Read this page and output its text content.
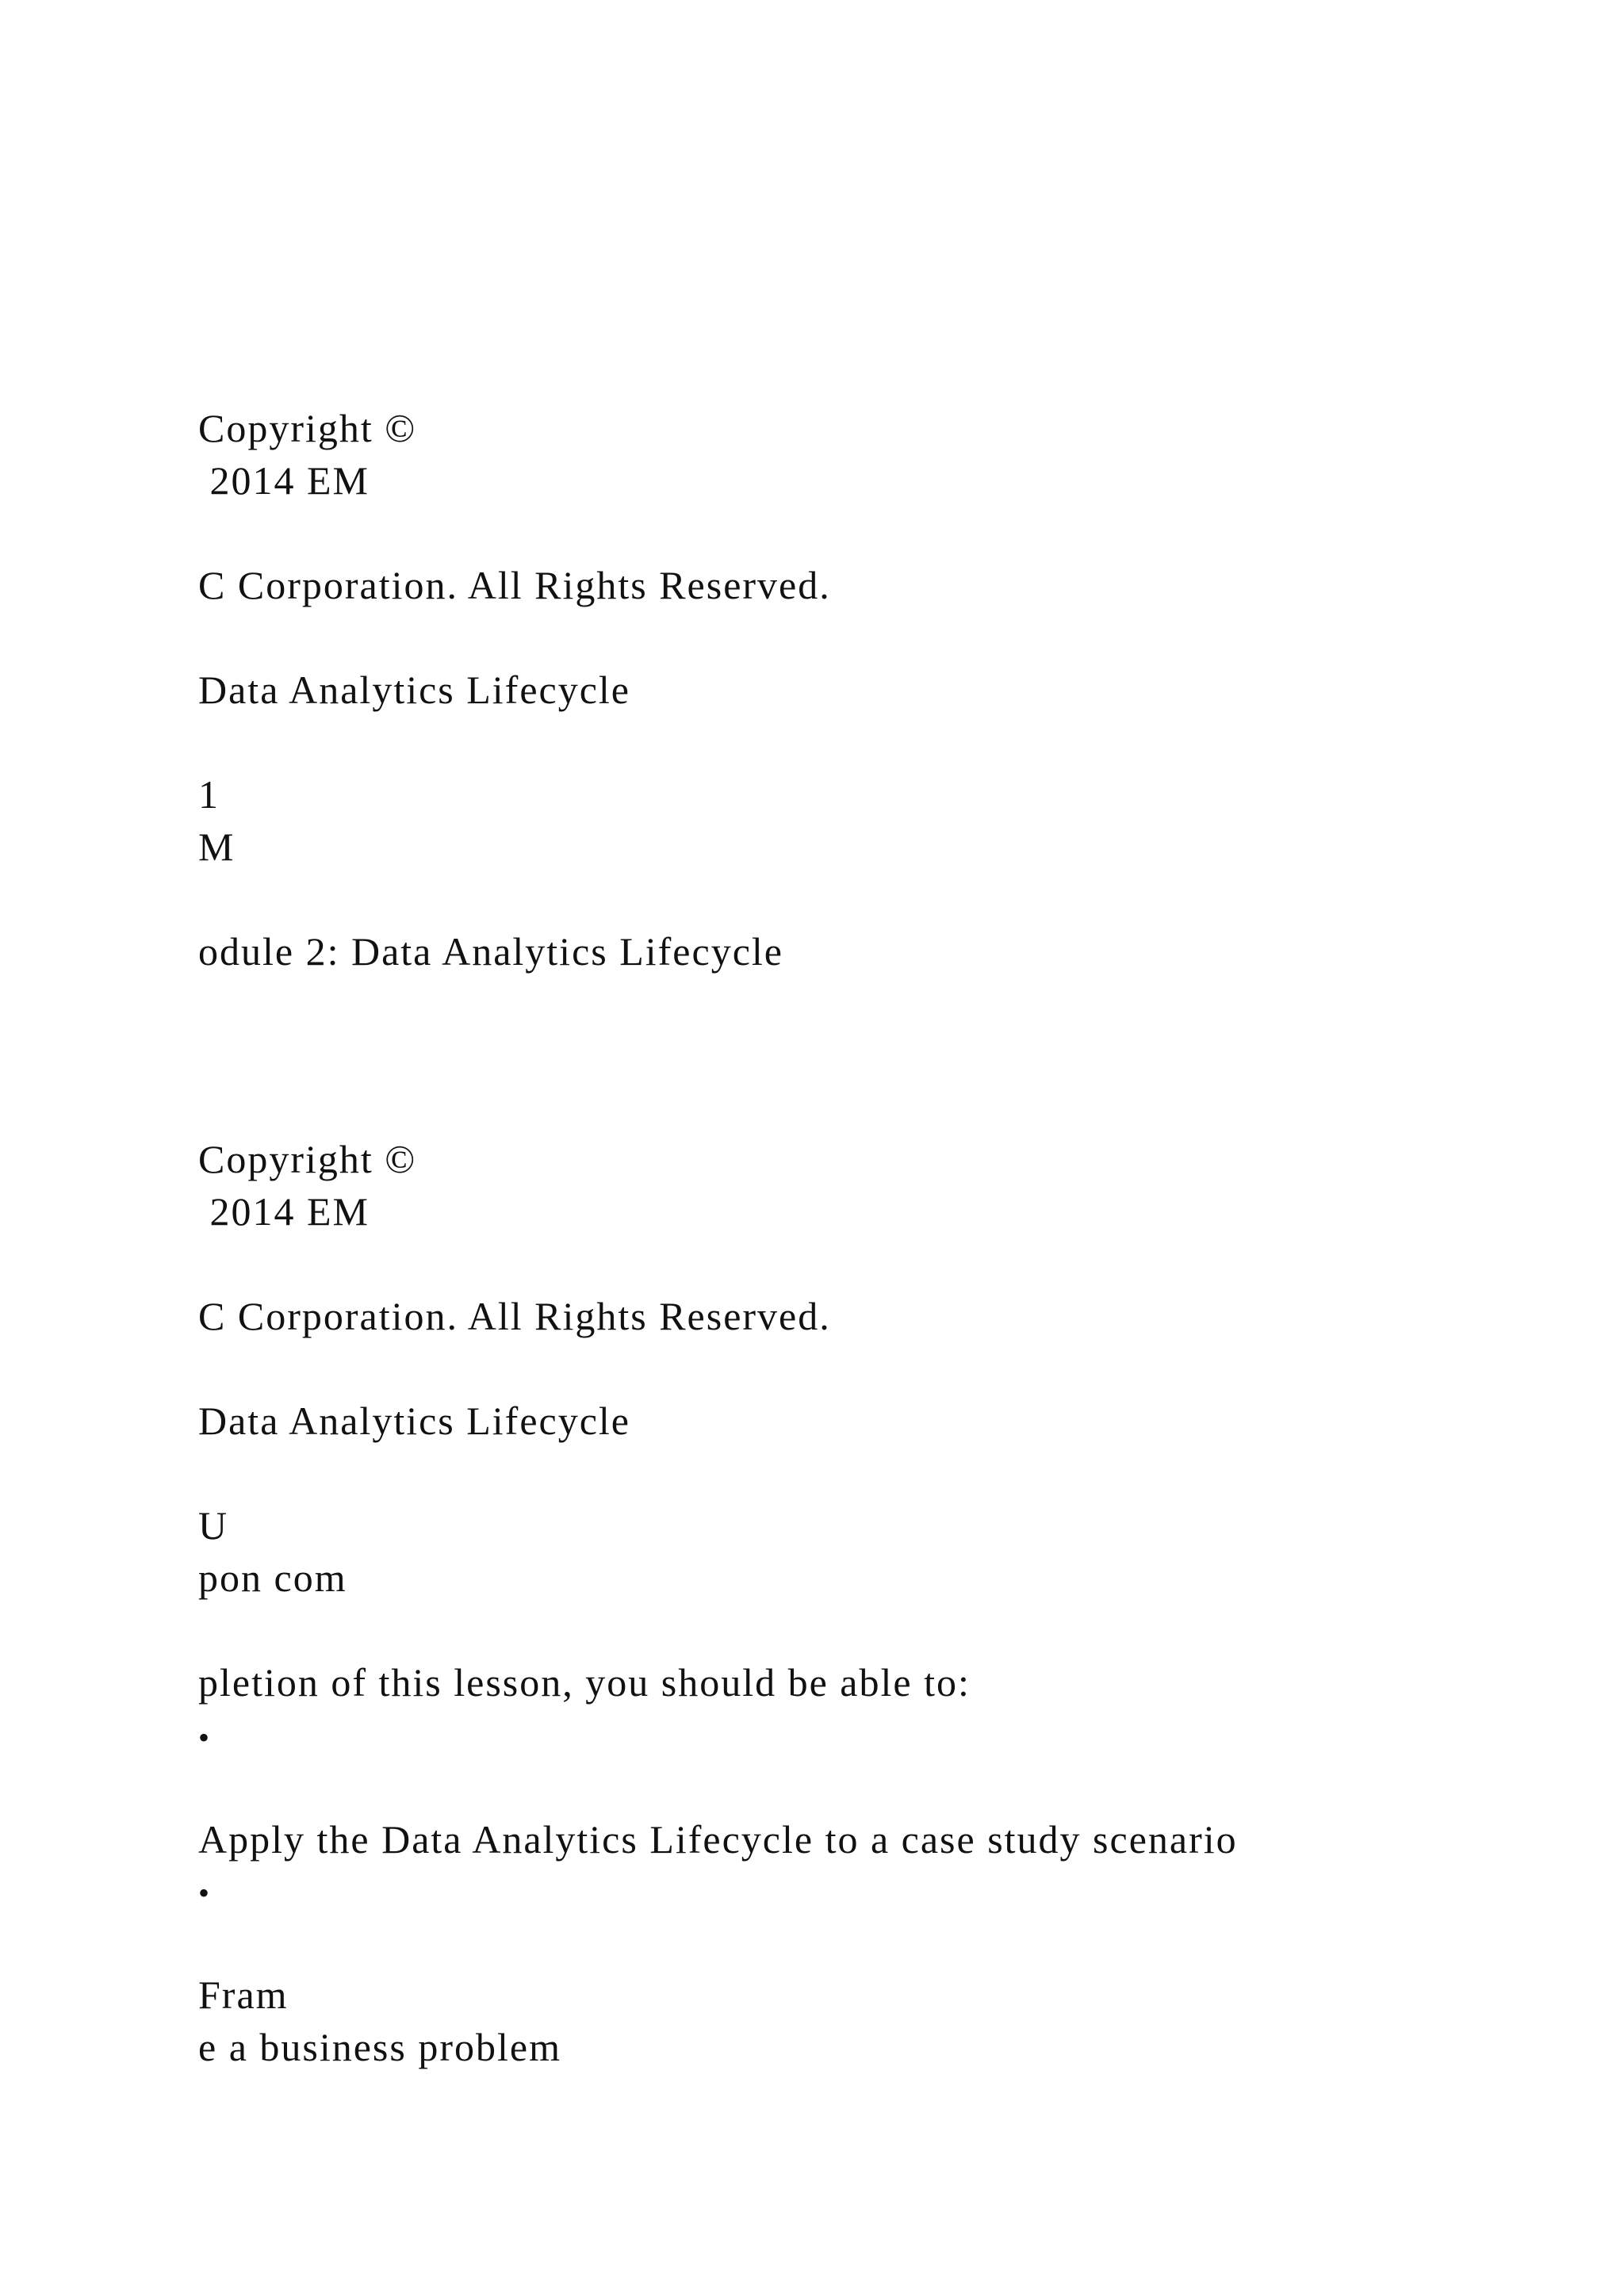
Copyright ©

2014 EM

C Corporation. All Rights Reserved.

Data Analytics Lifecycle

1

M

odule 2: Data Analytics Lifecycle

Copyright ©

2014 EM

C Corporation. All Rights Reserved.

Data Analytics Lifecycle

U

pon com

pletion of this lesson, you should be able to:

•

Apply the Data Analytics Lifecycle to a case study scenario

•

Fram

e a business problem
